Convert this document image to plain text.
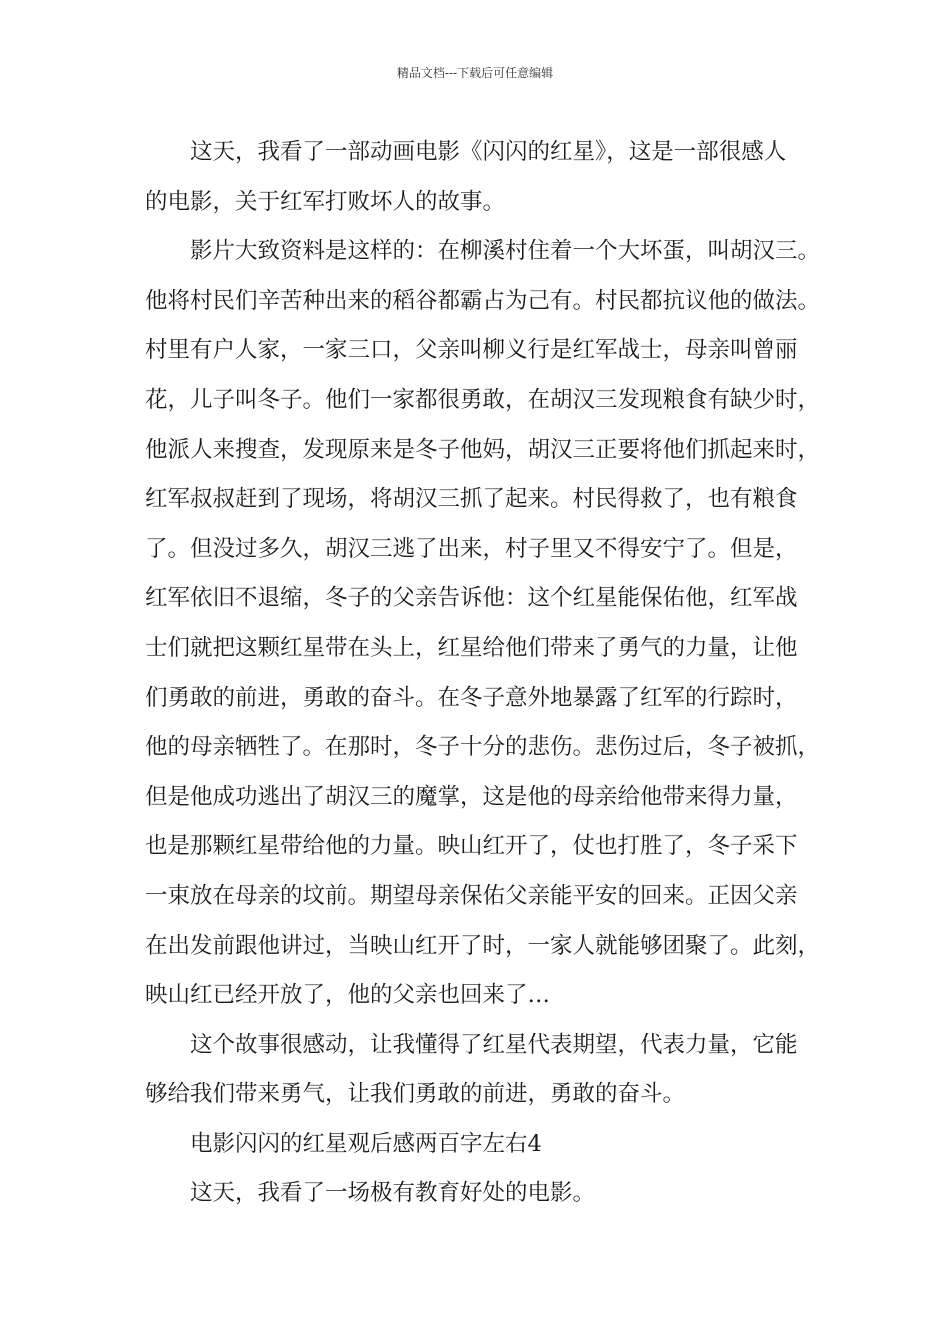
精品文档---下载后可任意编辑
这天，我看了一部动画电影《闪闪的红星》，这是一部很感人
的电影，关于红军打败坏人的故事。
影片大致资料是这样的：在柳溪村住着一个大坏蛋，叫胡汉三。
他将村民们辛苦种出来的稻谷都霸占为己有。村民都抗议他的做法。
村里有户人家，一家三口，父亲叫柳义行是红军战士，母亲叫曾丽
花，儿子叫冬子。他们一家都很勇敢，在胡汉三发现粮食有缺少时，
他派人来搜查，发现原来是冬子他妈，胡汉三正要将他们抓起来时，
红军叔叔赶到了现场，将胡汉三抓了起来。村民得救了，也有粮食
了。但没过多久，胡汉三逃了出来，村子里又不得安宁了。但是，
红军依旧不退缩，冬子的父亲告诉他：这个红星能保佑他，红军战
士们就把这颗红星带在头上，红星给他们带来了勇气的力量，让他
们勇敢的前进，勇敢的奋斗。在冬子意外地暴露了红军的行踪时，
他的母亲牺牲了。在那时，冬子十分的悲伤。悲伤过后，冬子被抓，
但是他成功逃出了胡汉三的魔掌，这是他的母亲给他带来得力量，
也是那颗红星带给他的力量。映山红开了，仗也打胜了，冬子采下
一束放在母亲的坟前。期望母亲保佑父亲能平安的回来。正因父亲
在出发前跟他讲过，当映山红开了时，一家人就能够团聚了。此刻，
映山红已经开放了，他的父亲也回来了…
这个故事很感动，让我懂得了红星代表期望，代表力量，它能
够给我们带来勇气，让我们勇敢的前进，勇敢的奋斗。
电影闪闪的红星观后感两百字左右4
这天，我看了一场极有教育好处的电影。
